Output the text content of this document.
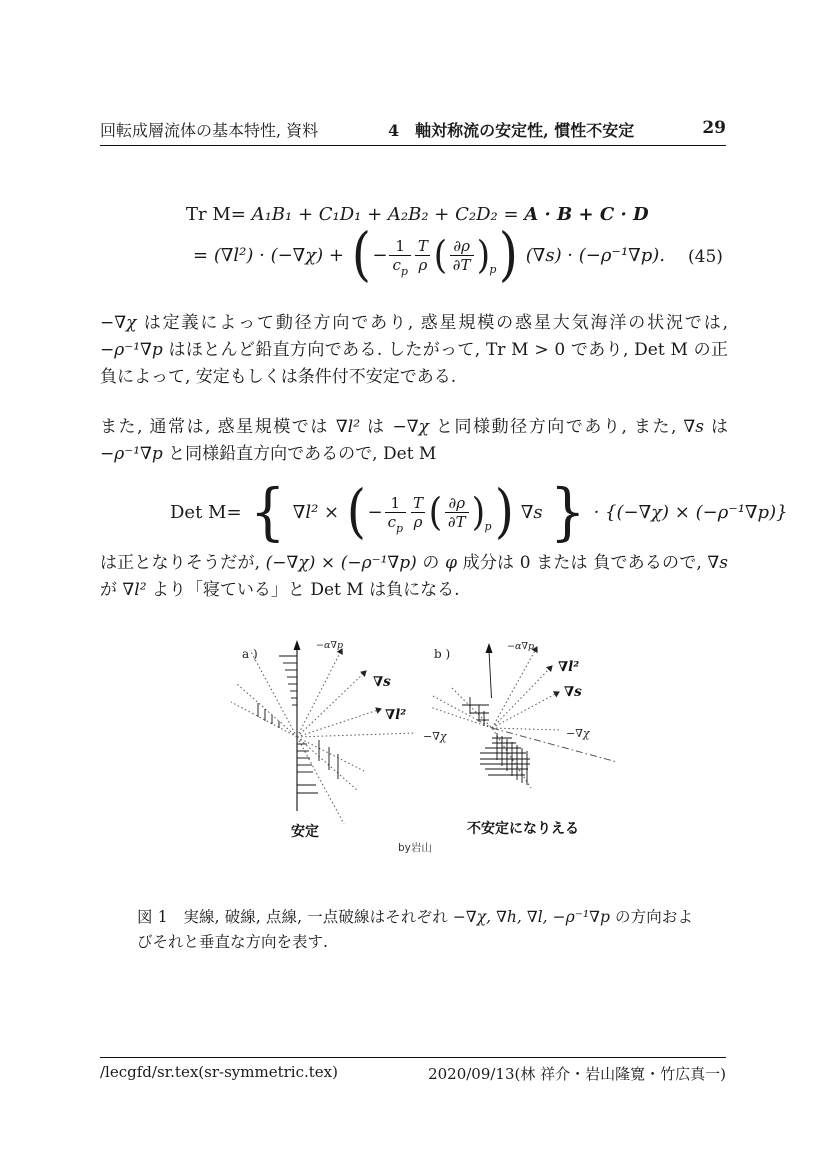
回転成層流体の基本特性, 資料	4　軸対称流の安定性, 慣性不安定	29
Tr M = A₁B₁ + C₁D₁ + A₂B₂ + C₂D₂ = A · B + C · D
= (∇l²) · (−∇χ) + ( − $\frac{1}{c_p} \frac{T}{\rho}$ ( $\frac{\partial\rho}{\partial T}$ ) p ) (∇s) · (−ρ⁻¹∇p). (45)
−∇χ は定義によって動径方向であり, 惑星規模の惑星大気海洋の状況では, −ρ⁻¹∇p はほとんど鉛直方向である. したがって, Tr M > 0 であり, Det M の正負によって, 安定もしくは条件付不安定である.
また, 通常は, 惑星規模では ∇l² は −∇χ と同様動径方向であり, また, ∇s は −ρ⁻¹∇p と同様鉛直方向であるので, Det M
Det M = { ∇l² × ( − $\frac{1}{c_p} \frac{T}{\rho}$ ( $\frac{\partial\rho}{\partial T}$ ) p ) ∇s } · {(−∇χ) × (−ρ⁻¹∇p)}
は正となりそうだが, (−∇χ) × (−ρ⁻¹∇p) の φ 成分は 0 または 負であるので, ∇s が ∇l² より「寝ている」と Det M は負になる.
a )
−α∇p
∇s
∇l²
−∇χ
安定
b )
−α∇p
∇l²
∇s
−∇χ
不安定になりえる
by岩山
図 1　実線, 破線, 点線, 一点破線はそれぞれ −∇χ, ∇h, ∇l, −ρ⁻¹∇p の方向およびそれと垂直な方向を表す.
/lecgfd/sr.tex(sr-symmetric.tex)	2020/09/13(林 祥介・岩山隆寛・竹広真一)
